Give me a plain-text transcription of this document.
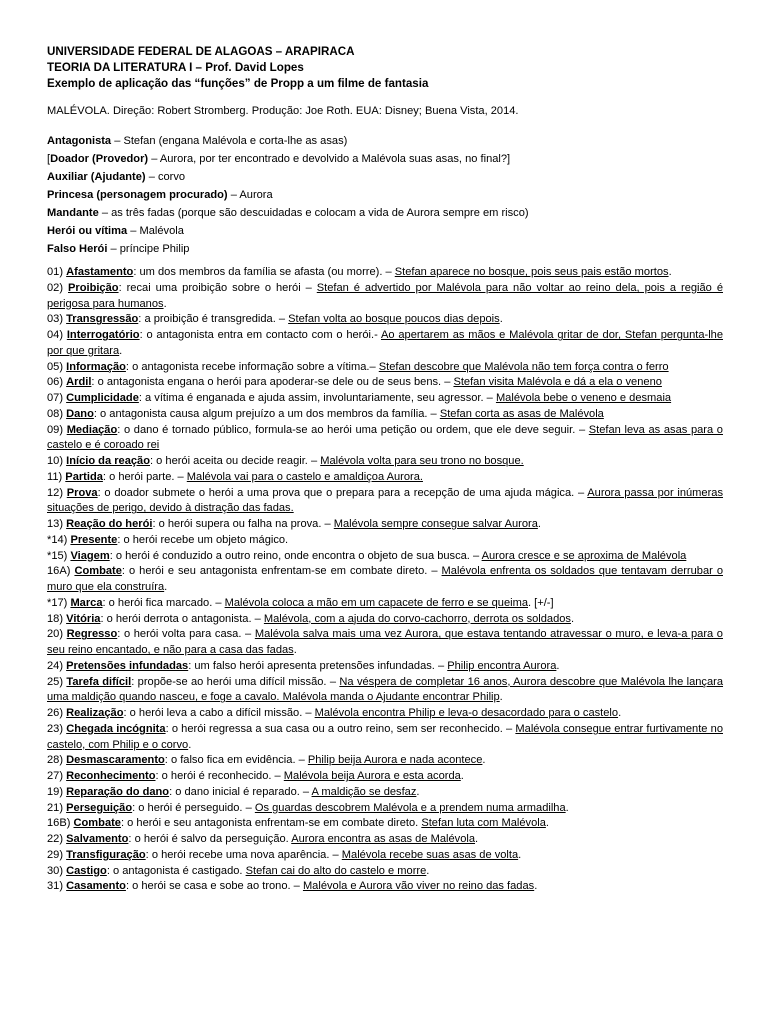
UNIVERSIDADE FEDERAL DE ALAGOAS – ARAPIRACA
TEORIA DA LITERATURA I – Prof. David Lopes
Exemplo de aplicação das “funções” de Propp a um filme de fantasia
MALÉVOLA. Direção: Robert Stromberg. Produção: Joe Roth. EUA: Disney; Buena Vista, 2014.
Antagonista – Stefan (engana Malévola e corta-lhe as asas)
[Doador (Provedor) – Aurora, por ter encontrado e devolvido a Malévola suas asas, no final?]
Auxiliar (Ajudante) – corvo
Princesa (personagem procurado) – Aurora
Mandante – as três fadas (porque são descuidadas e colocam a vida de Aurora sempre em risco)
Herói ou vítima – Malévola
Falso Herói – príncipe Philip
01) Afastamento: um dos membros da família se afasta (ou morre). – Stefan aparece no bosque, pois seus pais estão mortos.
02) Proibição: recai uma proibição sobre o herói – Stefan é advertido por Malévola para não voltar ao reino dela, pois a região é perigosa para humanos.
03) Transgressão: a proibição é transgredida. – Stefan volta ao bosque poucos dias depois.
04) Interrogatório: o antagonista entra em contacto com o herói.- Ao apertarem as mãos e Malévola gritar de dor, Stefan pergunta-lhe por que gritara.
05) Informação: o antagonista recebe informação sobre a vítima.– Stefan descobre que Malévola não tem força contra o ferro
06) Ardil: o antagonista engana o herói para apoderar-se dele ou de seus bens. – Stefan visita Malévola e dá a ela o veneno
07) Cumplicidade: a vítima é enganada e ajuda assim, involuntariamente, seu agressor. – Malévola bebe o veneno e desmaia
08) Dano: o antagonista causa algum prejuízo a um dos membros da família. – Stefan corta as asas de Malévola
09) Mediação: o dano é tornado público, formula-se ao herói uma petição ou ordem, que ele deve seguir. – Stefan leva as asas para o castelo e é coroado rei
10) Início da reação: o herói aceita ou decide reagir. – Malévola volta para seu trono no bosque.
11) Partida: o herói parte. – Malévola vai para o castelo e amaldiçoa Aurora.
12) Prova: o doador submete o herói a uma prova que o prepara para a recepção de uma ajuda mágica. – Aurora passa por inúmeras situações de perigo, devido à distração das fadas.
13) Reação do herói: o herói supera ou falha na prova. – Malévola sempre consegue salvar Aurora.
*14) Presente: o herói recebe um objeto mágico.
*15) Viagem: o herói é conduzido a outro reino, onde encontra o objeto de sua busca. – Aurora cresce e se aproxima de Malévola
16A) Combate: o herói e seu antagonista enfrentam-se em combate direto. – Malévola enfrenta os soldados que tentavam derrubar o muro que ela construíra.
*17) Marca: o herói fica marcado. – Malévola coloca a mão em um capacete de ferro e se queima. [+/-]
18) Vitória: o herói derrota o antagonista. – Malévola, com a ajuda do corvo-cachorro, derrota os soldados.
20) Regresso: o herói volta para casa. – Malévola salva mais uma vez Aurora, que estava tentando atravessar o muro, e leva-a para o seu reino encantado, e não para a casa das fadas.
24) Pretensões infundadas: um falso herói apresenta pretensões infundadas. – Philip encontra Aurora.
25) Tarefa difícil: propõe-se ao herói uma difícil missão. – Na véspera de completar 16 anos, Aurora descobre que Malévola lhe lançara uma maldição quando nasceu, e foge a cavalo. Malévola manda o Ajudante encontrar Philip.
26) Realização: o herói leva a cabo a difícil missão. – Malévola encontra Philip e leva-o desacordado para o castelo.
23) Chegada incógnita: o herói regressa a sua casa ou a outro reino, sem ser reconhecido. – Malévola consegue entrar furtivamente no castelo, com Philip e o corvo.
28) Desmascaramento: o falso fica em evidência. – Philip beija Aurora e nada acontece.
27) Reconhecimento: o herói é reconhecido. – Malévola beija Aurora e esta acorda.
19) Reparação do dano: o dano inicial é reparado. – A maldição se desfaz.
21) Perseguição: o herói é perseguido. – Os guardas descobrem Malévola e a prendem numa armadilha.
16B) Combate: o herói e seu antagonista enfrentam-se em combate direto. Stefan luta com Malévola.
22) Salvamento: o herói é salvo da perseguição. Aurora encontra as asas de Malévola.
29) Transfiguração: o herói recebe uma nova aparência. – Malévola recebe suas asas de volta.
30) Castigo: o antagonista é castigado. Stefan cai do alto do castelo e morre.
31) Casamento: o herói se casa e sobe ao trono. – Malévola e Aurora vão viver no reino das fadas.
